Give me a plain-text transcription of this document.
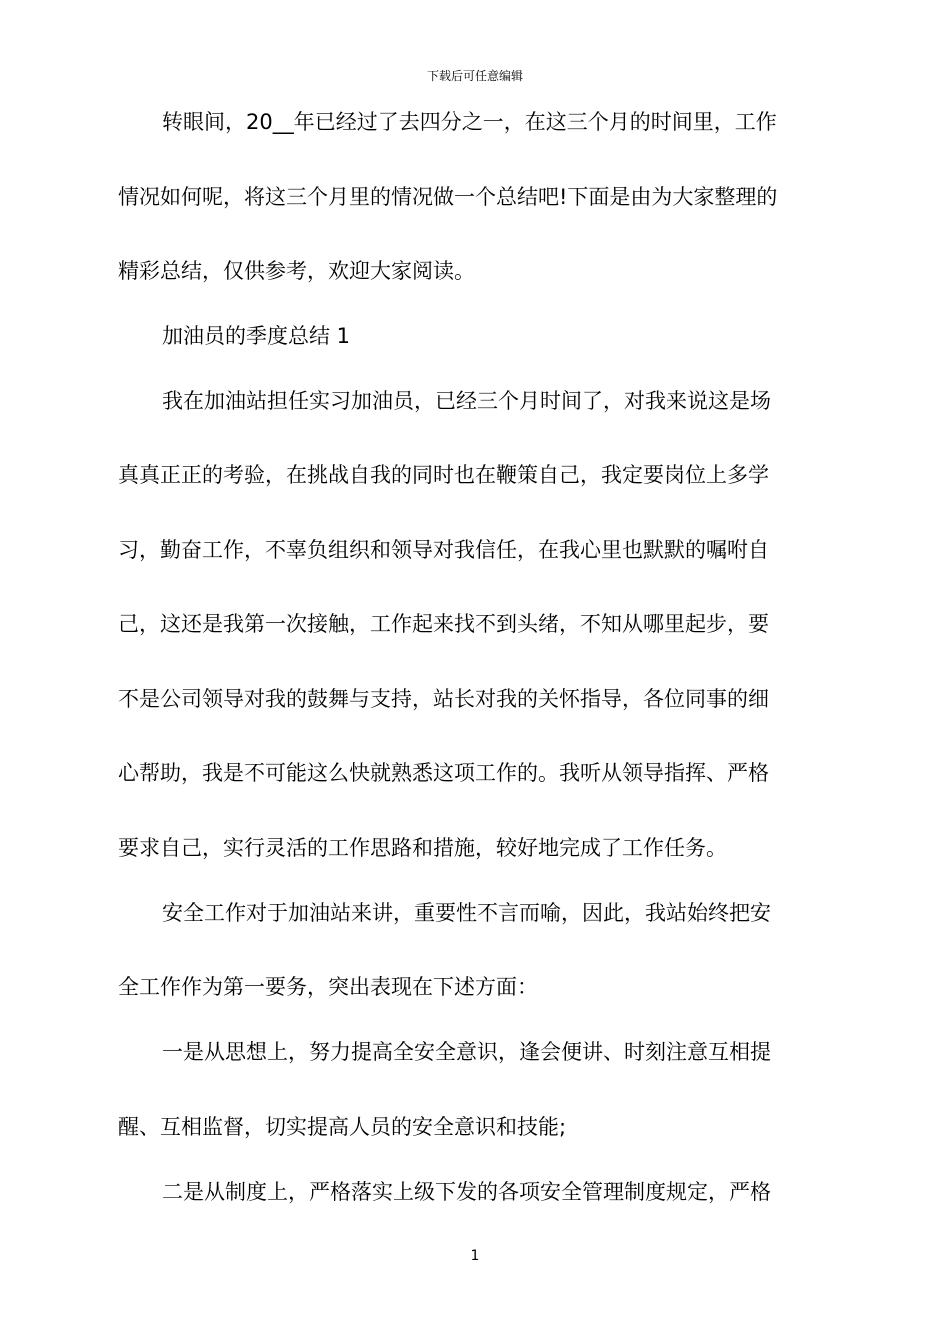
下载后可任意编辑
转眼间，20__年已经过了去四分之一，在这三个月的时间里，工作
情况如何呢，将这三个月里的情况做一个总结吧!下面是由为大家整理的
精彩总结，仅供参考，欢迎大家阅读。
加油员的季度总结 1
我在加油站担任实习加油员，已经三个月时间了，对我来说这是场
真真正正的考验，在挑战自我的同时也在鞭策自己，我定要岗位上多学
习，勤奋工作，不辜负组织和领导对我信任，在我心里也默默的嘱咐自
己，这还是我第一次接触，工作起来找不到头绪，不知从哪里起步，要
不是公司领导对我的鼓舞与支持，站长对我的关怀指导，各位同事的细
心帮助，我是不可能这么快就熟悉这项工作的。我听从领导指挥、严格
要求自己，实行灵活的工作思路和措施，较好地完成了工作任务。
安全工作对于加油站来讲，重要性不言而喻，因此，我站始终把安
全工作作为第一要务，突出表现在下述方面：
一是从思想上，努力提高全安全意识，逢会便讲、时刻注意互相提
醒、互相监督，切实提高人员的安全意识和技能;
二是从制度上，严格落实上级下发的各项安全管理制度规定，严格
1
